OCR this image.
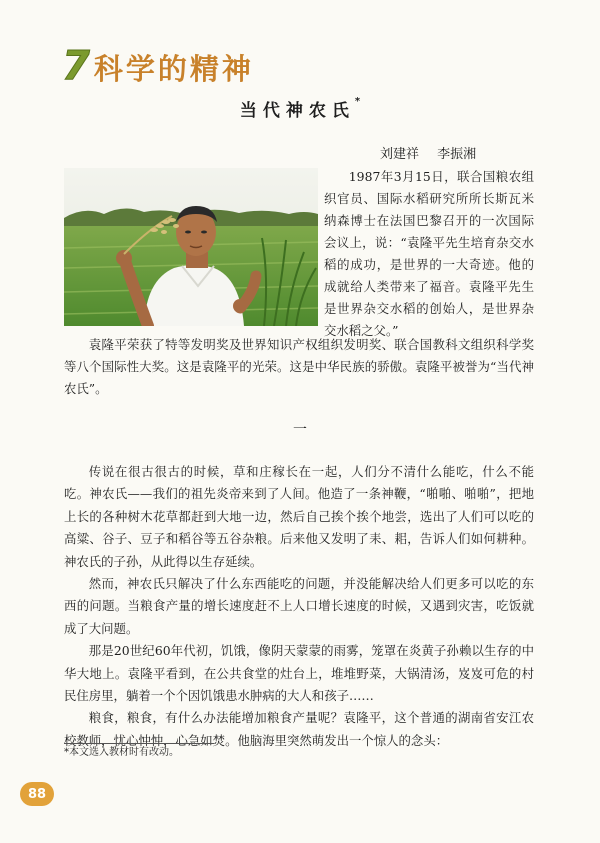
7 科学的精神
当代神农氏*
刘建祥 李振湘

1987年3月15日，联合国粮农组织官员、国际水稻研究所所长斯瓦米纳森博士在法国巴黎召开的一次国际会议上，说：“袁隆平先生培育杂交水稻的成功，是世界的一大奇迹。他的成就给人类带来了福音。袁隆平先生是世界杂交水稻的创始人，是世界杂交水稻之父。”

袁隆平荣获了特等发明奖及世界知识产权组织发明奖、联合国教科文组织科学奖等八个国际性大奖。这是袁隆平的光荣。这是中华民族的骄傲。袁隆平被誉为“当代神农氏”。

一

传说在很古很古的时候，草和庄稼长在一起，人们分不清什么能吃，什么不能吃。神农氏——我们的祖先炎帝来到了人间。他造了一条神鞭，“啪啪、啪啪”，把地上长的各种树木花草都赶到大地一边，然后自己挨个挨个地尝，选出了人们可以吃的高粱、谷子、豆子和稻谷等五谷杂粮。后来他又发明了耒、耜，告诉人们如何耕种。神农氏的子孙，从此得以生存延续。

然而，神农氏只解决了什么东西能吃的问题，并没能解决给人们更多可以吃的东西的问题。当粮食产量的增长速度赶不上人口增长速度的时候，又遇到灾害，吃饭就成了大问题。

那是20世纪60年代初，饥饿，像阴天蒙蒙的雨雾，笼罩在炎黄子孙赖以生存的中华大地上。袁隆平看到，在公共食堂的灶台上，堆堆野菜，大锅清汤，岌岌可危的村民住房里，躺着一个个因饥饿患水肿病的大人和孩子……

粮食，粮食，有什么办法能增加粮食产量呢？袁隆平，这个普通的湖南省安江农校教师，忧心忡忡，心急如焚。他脑海里突然萌发出一个惊人的念头：

*本文选入教材时有改动。
88
